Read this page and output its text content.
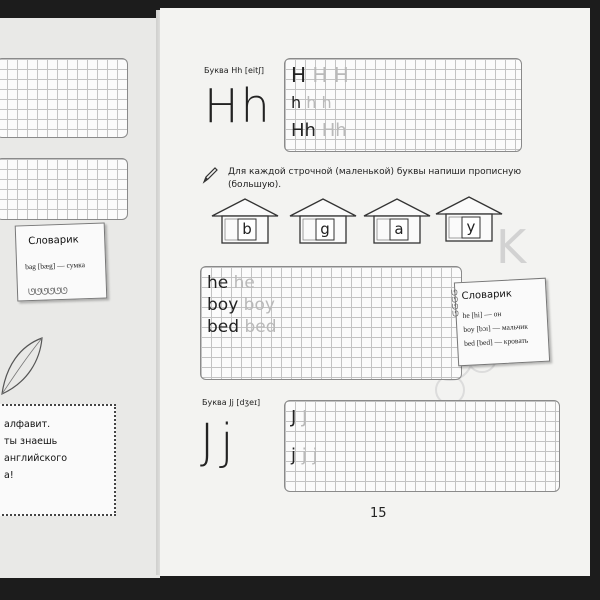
Словарик
bag [bæg] — сумка
ᘎᘎᘎᘎᘎᘎ
алфавит.
ты знаешь
английского
а!
K
Буква Hh [eitʃ]
Hh
H H H
h h h
Hh Hh
Для каждой строчной (маленькой) буквы напиши прописную (большую).
b	g	a	y
he he
boy boy
bed bed
Словарик
he [hi] — он
boy [bɔɪ] — мальчик
bed [bed] — кровать
ᘎᘎᘎᘎ
Буква Jj [dʒeɪ]
Jj	J J
j j j
15
